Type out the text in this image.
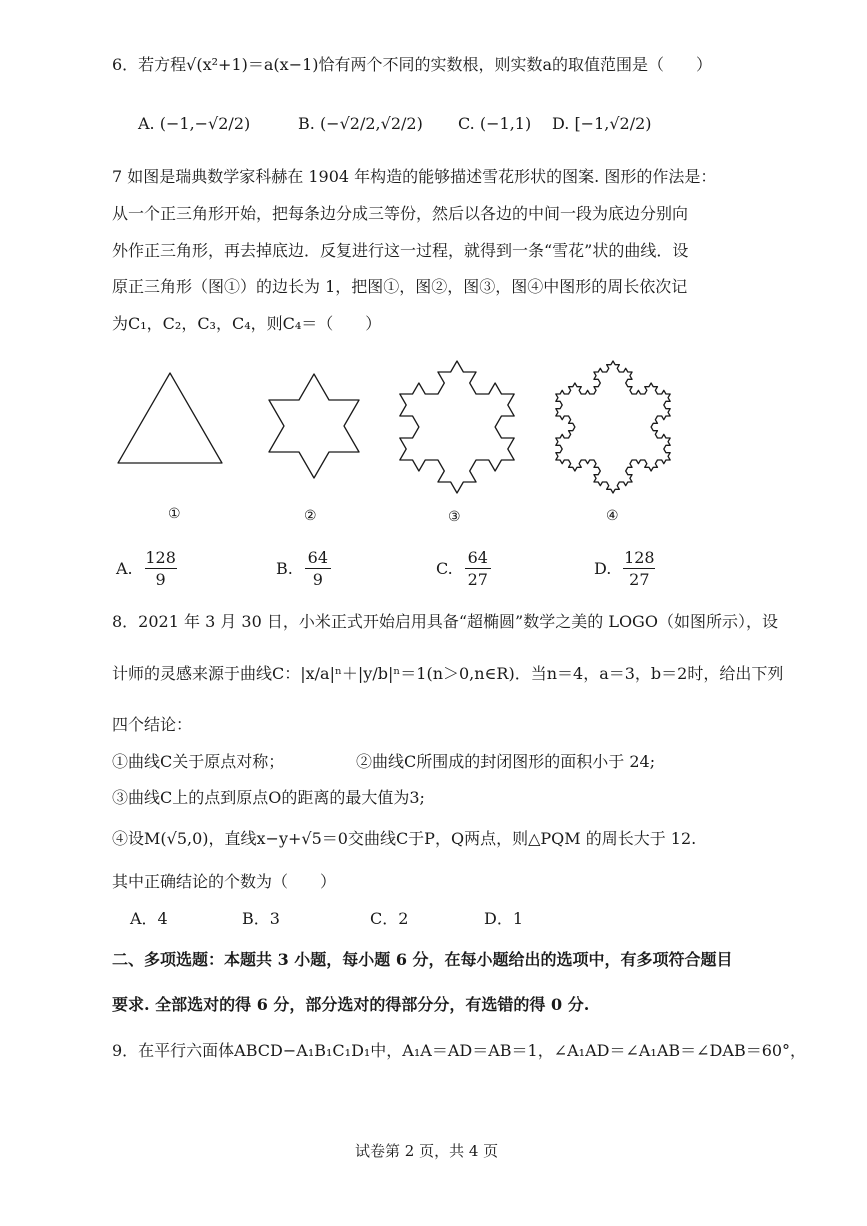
6．若方程√(x²+1)＝a(x−1)恰有两个不同的实数根，则实数a的取值范围是（　　）
A. (−1,−√2/2)	B. (−√2/2,√2/2) C. (−1,1) D. [−1,√2/2)
7 如图是瑞典数学家科赫在 1904 年构造的能够描述雪花形状的图案. 图形的作法是：
从一个正三角形开始，把每条边分成三等份，然后以各边的中间一段为底边分别向
外作正三角形，再去掉底边．反复进行这一过程，就得到一条“雪花”状的曲线．设
原正三角形（图①）的边长为 1，把图①，图②，图③，图④中图形的周长依次记
为C₁，C₂，C₃，C₄，则C₄＝（　　）
①	②	③	④
A.
128
9
B.
64
9
C.
64
27
D.
128
27
8．2021 年 3 月 30 日，小米正式开始启用具备“超椭圆”数学之美的 LOGO（如图所示），设
计师的灵感来源于曲线C：|x/a|ⁿ＋|y/b|ⁿ＝1(n＞0,n∈R)．当n＝4，a＝3，b＝2时，给出下列
四个结论：
①曲线C关于原点对称；	②曲线C所围成的封闭图形的面积小于 24;
③曲线C上的点到原点O的距离的最大值为3;
④设M(√5,0)，直线x−y+√5＝0交曲线C于P，Q两点，则△PQM 的周长大于 12.
其中正确结论的个数为（　　）
A．4	B．3	C．2	D．1
二、多项选题：本题共 3 小题，每小题 6 分，在每小题给出的选项中，有多项符合题目
要求. 全部选对的得 6 分，部分选对的得部分分，有选错的得 0 分.
9．在平行六面体ABCD−A₁B₁C₁D₁中，A₁A＝AD＝AB＝1，∠A₁AD＝∠A₁AB＝∠DAB＝60°，
试卷第 2 页，共 4 页
